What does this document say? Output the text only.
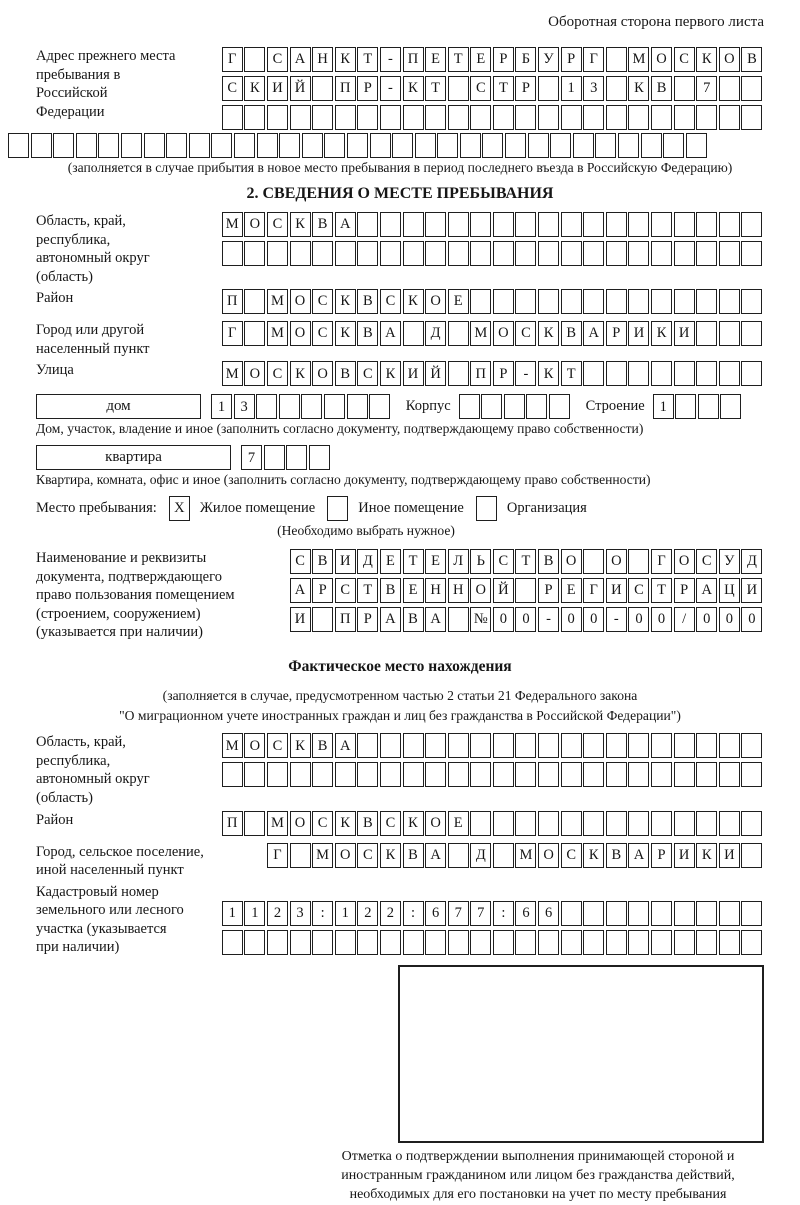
Оборотная сторона первого листа
Адрес прежнего места пребывания в Российской Федерации
Г	С А Н К Т	-	П Е Т Е Р Б У Р Г	М О С К О В
С К И Й	П Р	-	К Т	С Т Р	1	3	К В	7
(заполняется в случае прибытия в новое место пребывания в период последнего въезда в Российскую Федерацию)
2. СВЕДЕНИЯ О МЕСТЕ ПРЕБЫВАНИЯ
Область, край, республика, автономный округ (область)
М О С К В А
Район	П	М О С К В С К О Е
Город или другой населенный пункт
Г	М О С К В А	Д	М О С К В А Р И К И
Улица	М О С К О В С К И Й	П Р	-	К Т
дом	1	3	Корпус	Строение	1
Дом, участок, владение и иное (заполнить согласно документу, подтверждающему право собственности)
квартира	7
Квартира, комната, офис и иное (заполнить согласно документу, подтверждающему право собственности)
Место пребывания:	X	Жилое помещение	Иное помещение	Организация
(Необходимо выбрать нужное)
Наименование и реквизиты документа, подтверждающего право пользования помещением (строением, сооружением) (указывается при наличии)
С В И Д Е Т Е Л Ь С Т В О	О	Г О С У Д
А Р С Т В Е Н Н О Й	Р Е Г И С Т Р А Ц И
И	П Р А В А	№ 0	0	-	0	0	-	0	0	/	0	0	0
Фактическое место нахождения
(заполняется в случае, предусмотренном частью 2 статьи 21 Федерального закона
"О миграционном учете иностранных граждан и лиц без гражданства в Российской Федерации")
Область, край, республика, автономный округ (область)
М О С К В А
Район	П	М О С К В С К О Е
Город, сельское поселение, иной населенный пункт
Г	М О С К В А	Д	М О С К В А Р И К И
Кадастровый номер земельного или лесного участка (указывается при наличии)
1	1	2	3	:	1	2	2	:	6	7	7	:	6	6
Отметка о подтверждении выполнения принимающей стороной и иностранным гражданином или лицом без гражданства действий, необходимых для его постановки на учет по месту пребывания
